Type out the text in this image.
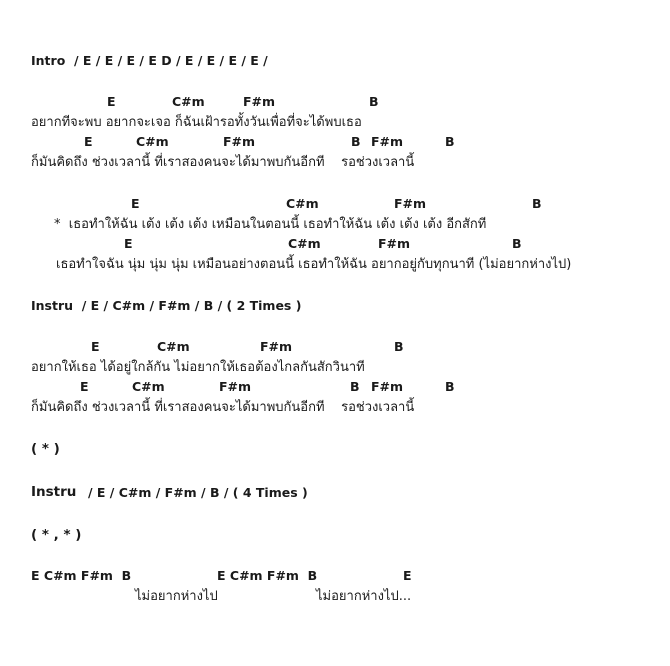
Intro  / E / E / E / E D / E / E / E / E /
E	C#m	F#m	B
อยากทีจะพบ อยากจะเจอ ก็ฉันเฝ้ารอทั้งวันเพื่อที่จะได้พบเธอ
E	C#m	F#m	B F#m	B
ก็มันคิดถึง ช่วงเวลานี้ ที่เราสองคนจะได้มาพบกันอีกที    รอช่วงเวลานี้
E	C#m	F#m	B
*  เธอทำให้ฉัน เต้ง เต้ง เต้ง เหมือนในตอนนี้ เธอทำให้ฉัน เต้ง เต้ง เต้ง อีกสักที
E	C#m	F#m	B
เธอทำใจฉัน นุ่ม นุ่ม นุ่ม เหมือนอย่างตอนนี้ เธอทำให้ฉัน อยากอยู่กับทุกนาที (ไม่อยากห่างไป)
Instru  / E / C#m / F#m / B / ( 2 Times )
E	C#m	F#m	B
อยากให้เธอ ได้อยู่ใกล้กัน ไม่อยากให้เธอต้องไกลกันสักวินาที
E	C#m	F#m	B F#m	B
ก็มันคิดถึง ช่วงเวลานี้ ที่เราสองคนจะได้มาพบกันอีกที    รอช่วงเวลานี้
( * )
Instru / E / C#m / F#m / B / ( 4 Times )
( * , * )
E C#m F#m  B	E C#m F#m  B	E
ไม่อยากห่างไป	ไม่อยากห่างไป...
